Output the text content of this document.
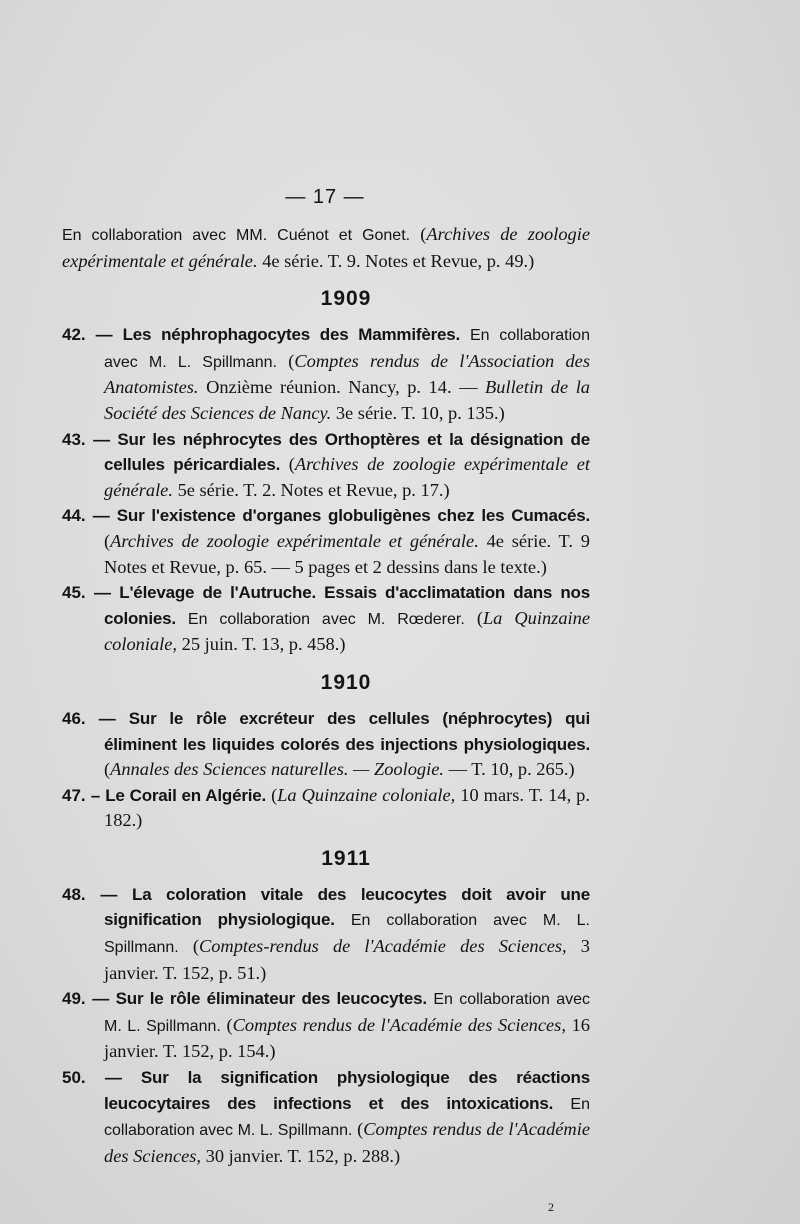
— 17 —

En collaboration avec MM. Cuénot et Gonet. (Archives de zoologie expérimentale et générale. 4e série. T. 9. Notes et Revue, p. 49.)

1909

42. — Les néphrophagocytes des Mammifères. En collaboration avec M. L. Spillmann. (Comptes rendus de l'Association des Anatomistes. Onzième réunion. Nancy, p. 14. — Bulletin de la Société des Sciences de Nancy. 3e série. T. 10, p. 135.)

43. — Sur les néphrocytes des Orthoptères et la désignation de cellules péricardiales. (Archives de zoologie expérimentale et générale. 5e série. T. 2. Notes et Revue, p. 17.)

44. — Sur l'existence d'organes globuligènes chez les Cumacés. (Archives de zoologie expérimentale et générale. 4e série. T. 9 Notes et Revue, p. 65. — 5 pages et 2 dessins dans le texte.)

45. — L'élevage de l'Autruche. Essais d'acclimatation dans nos colonies. En collaboration avec M. Rœderer. (La Quinzaine coloniale, 25 juin. T. 13, p. 458.)

1910

46. — Sur le rôle excréteur des cellules (néphrocytes) qui éliminent les liquides colorés des injections physiologiques. (Annales des Sciences naturelles. — Zoologie. — T. 10, p. 265.)

47. – Le Corail en Algérie. (La Quinzaine coloniale, 10 mars. T. 14, p. 182.)

1911

48. — La coloration vitale des leucocytes doit avoir une signification physiologique. En collaboration avec M. L. Spillmann. (Comptes-rendus de l'Académie des Sciences, 3 janvier. T. 152, p. 51.)

49. — Sur le rôle éliminateur des leucocytes. En collaboration avec M. L. Spillmann. (Comptes rendus de l'Académie des Sciences, 16 janvier. T. 152, p. 154.)

50. — Sur la signification physiologique des réactions leucocytaires des infections et des intoxications. En collaboration avec M. L. Spillmann. (Comptes rendus de l'Académie des Sciences, 30 janvier. T. 152, p. 288.)

2
